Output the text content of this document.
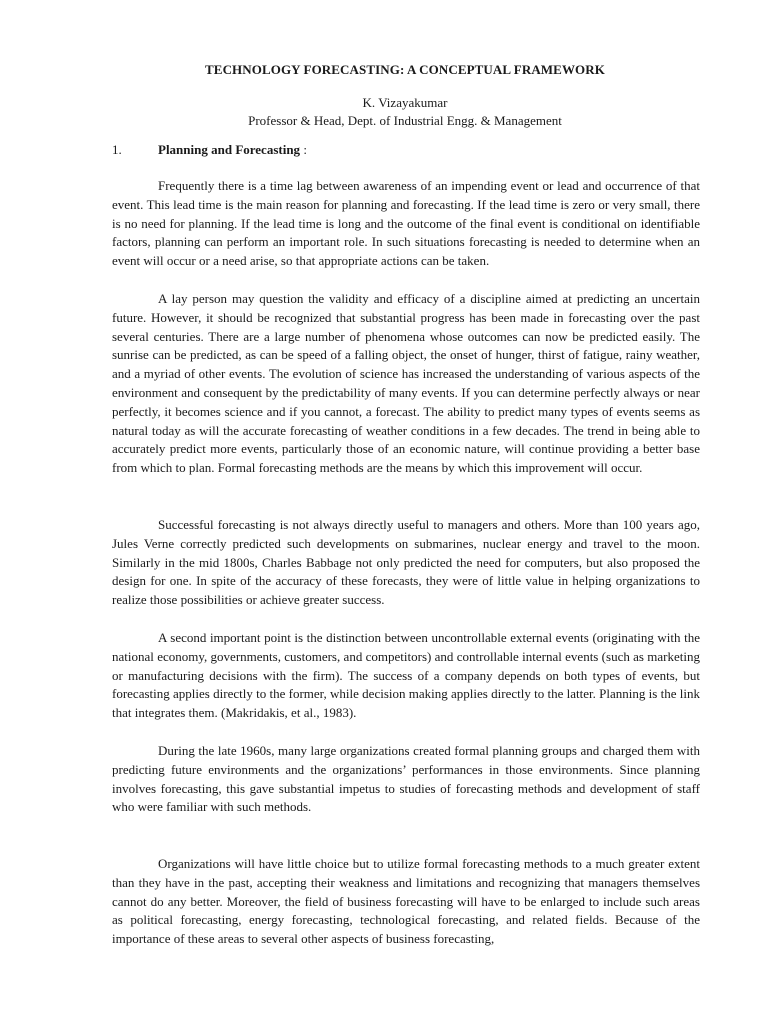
TECHNOLOGY FORECASTING: A CONCEPTUAL FRAMEWORK
K. Vizayakumar
Professor & Head, Dept. of Industrial Engg. & Management
1.	Planning and Forecasting :

Frequently there is a time lag between awareness of an impending event or lead and occurrence of that event. This lead time is the main reason for planning and forecasting. If the lead time is zero or very small, there is no need for planning. If the lead time is long and the outcome of the final event is conditional on identifiable factors, planning can perform an important role. In such situations forecasting is needed to determine when an event will occur or a need arise, so that appropriate actions can be taken.

A lay person may question the validity and efficacy of a discipline aimed at predicting an uncertain future. However, it should be recognized that substantial progress has been made in forecasting over the past several centuries. There are a large number of phenomena whose outcomes can now be predicted easily. The sunrise can be predicted, as can be speed of a falling object, the onset of hunger, thirst of fatigue, rainy weather, and a myriad of other events. The evolution of science has increased the understanding of various aspects of the environment and consequent by the predictability of many events. If you can determine perfectly always or near perfectly, it becomes science and if you cannot, a forecast. The ability to predict many types of events seems as natural today as will the accurate forecasting of weather conditions in a few decades. The trend in being able to accurately predict more events, particularly those of an economic nature, will continue providing a better base from which to plan. Formal forecasting methods are the means by which this improvement will occur.

Successful forecasting is not always directly useful to managers and others. More than 100 years ago, Jules Verne correctly predicted such developments on submarines, nuclear energy and travel to the moon. Similarly in the mid 1800s, Charles Babbage not only predicted the need for computers, but also proposed the design for one. In spite of the accuracy of these forecasts, they were of little value in helping organizations to realize those possibilities or achieve greater success.

A second important point is the distinction between uncontrollable external events (originating with the national economy, governments, customers, and competitors) and controllable internal events (such as marketing or manufacturing decisions with the firm). The success of a company depends on both types of events, but forecasting applies directly to the former, while decision making applies directly to the latter. Planning is the link that integrates them. (Makridakis, et al., 1983).

During the late 1960s, many large organizations created formal planning groups and charged them with predicting future environments and the organizations’ performances in those environments. Since planning involves forecasting, this gave substantial impetus to studies of forecasting methods and development of staff who were familiar with such methods.

Organizations will have little choice but to utilize formal forecasting methods to a much greater extent than they have in the past, accepting their weakness and limitations and recognizing that managers themselves cannot do any better. Moreover, the field of business forecasting will have to be enlarged to include such areas as political forecasting, energy forecasting, technological forecasting, and related fields. Because of the importance of these areas to several other aspects of business forecasting,
